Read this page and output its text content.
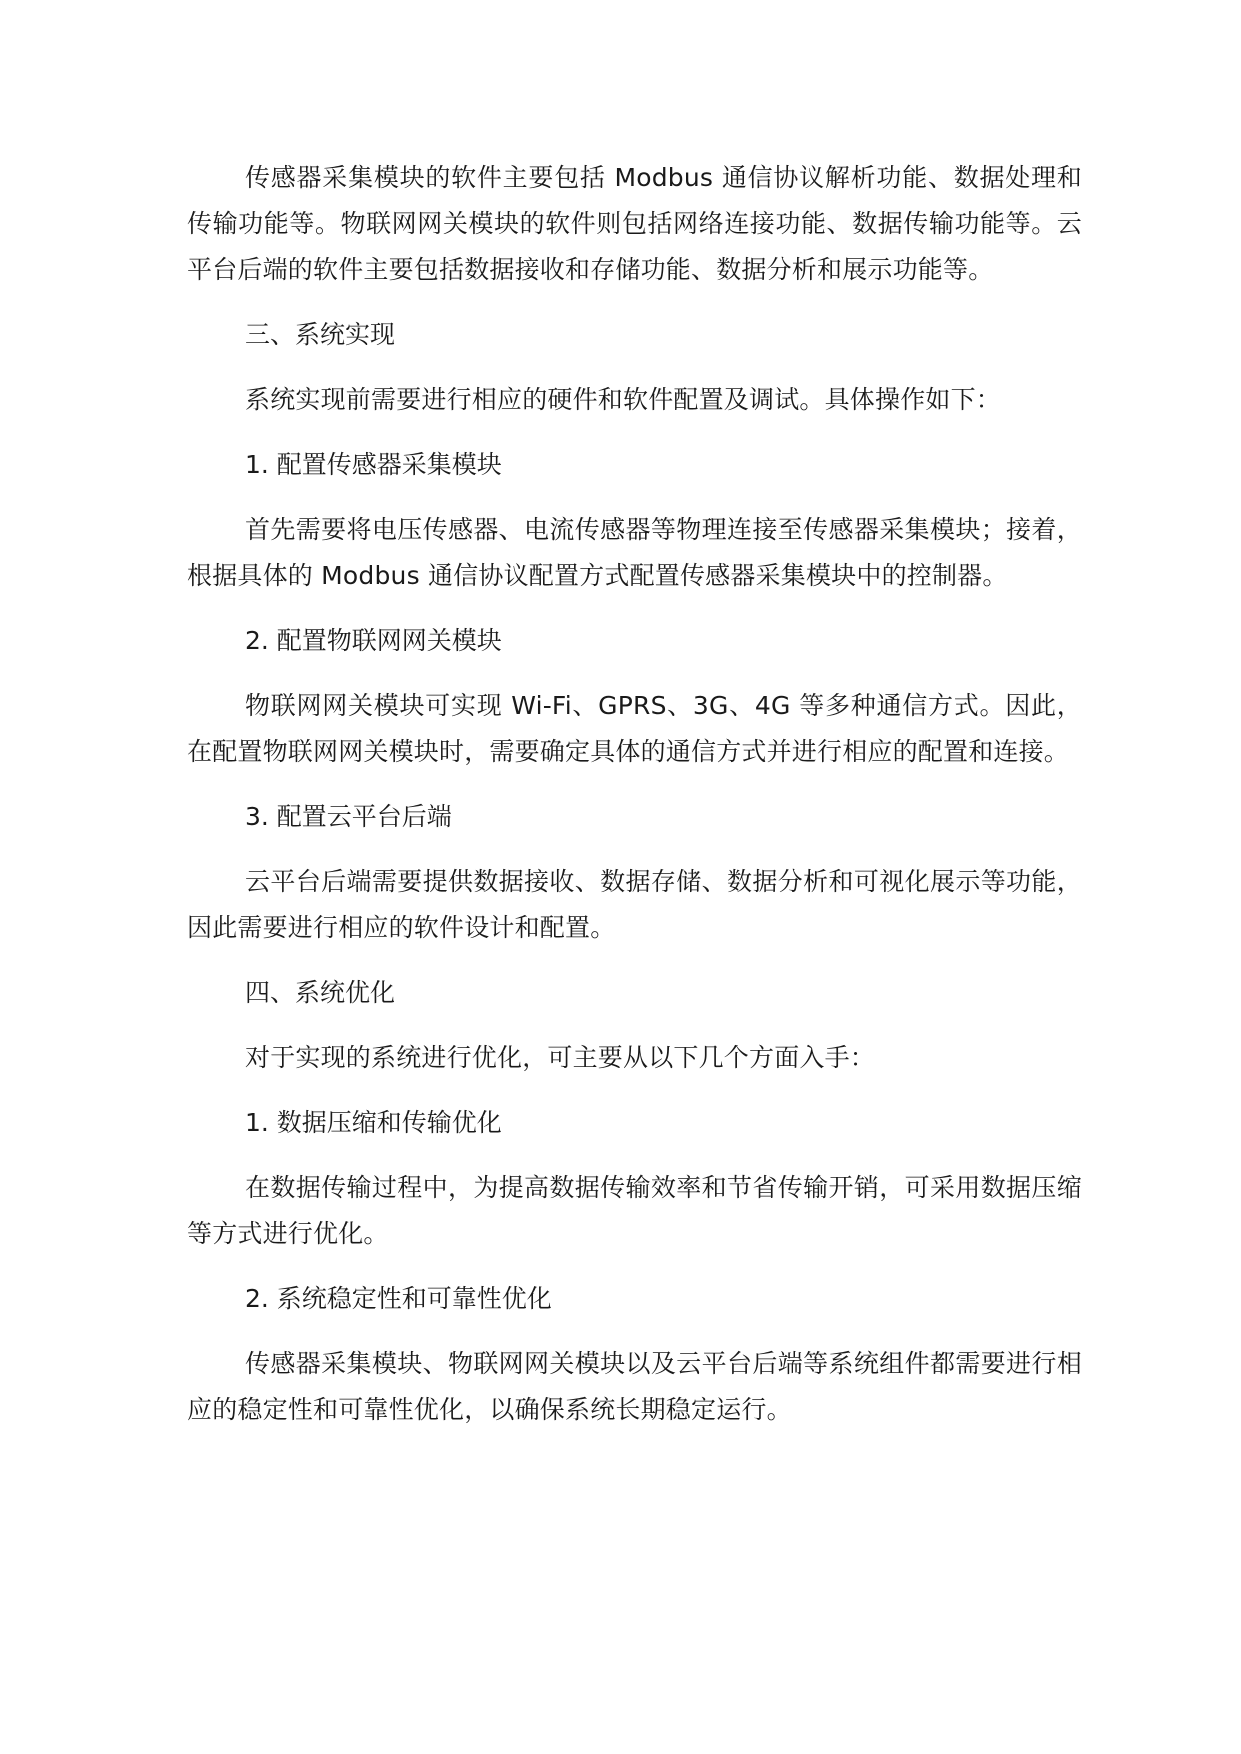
传感器采集模块的软件主要包括 Modbus 通信协议解析功能、数据处理和传输功能等。物联网网关模块的软件则包括网络连接功能、数据传输功能等。云平台后端的软件主要包括数据接收和存储功能、数据分析和展示功能等。

三、系统实现

系统实现前需要进行相应的硬件和软件配置及调试。具体操作如下：

1. 配置传感器采集模块

首先需要将电压传感器、电流传感器等物理连接至传感器采集模块；接着，根据具体的 Modbus 通信协议配置方式配置传感器采集模块中的控制器。

2. 配置物联网网关模块

物联网网关模块可实现 Wi-Fi、GPRS、3G、4G 等多种通信方式。因此，在配置物联网网关模块时，需要确定具体的通信方式并进行相应的配置和连接。

3. 配置云平台后端

云平台后端需要提供数据接收、数据存储、数据分析和可视化展示等功能，因此需要进行相应的软件设计和配置。

四、系统优化

对于实现的系统进行优化，可主要从以下几个方面入手：

1. 数据压缩和传输优化

在数据传输过程中，为提高数据传输效率和节省传输开销，可采用数据压缩等方式进行优化。

2. 系统稳定性和可靠性优化

传感器采集模块、物联网网关模块以及云平台后端等系统组件都需要进行相应的稳定性和可靠性优化，以确保系统长期稳定运行。
